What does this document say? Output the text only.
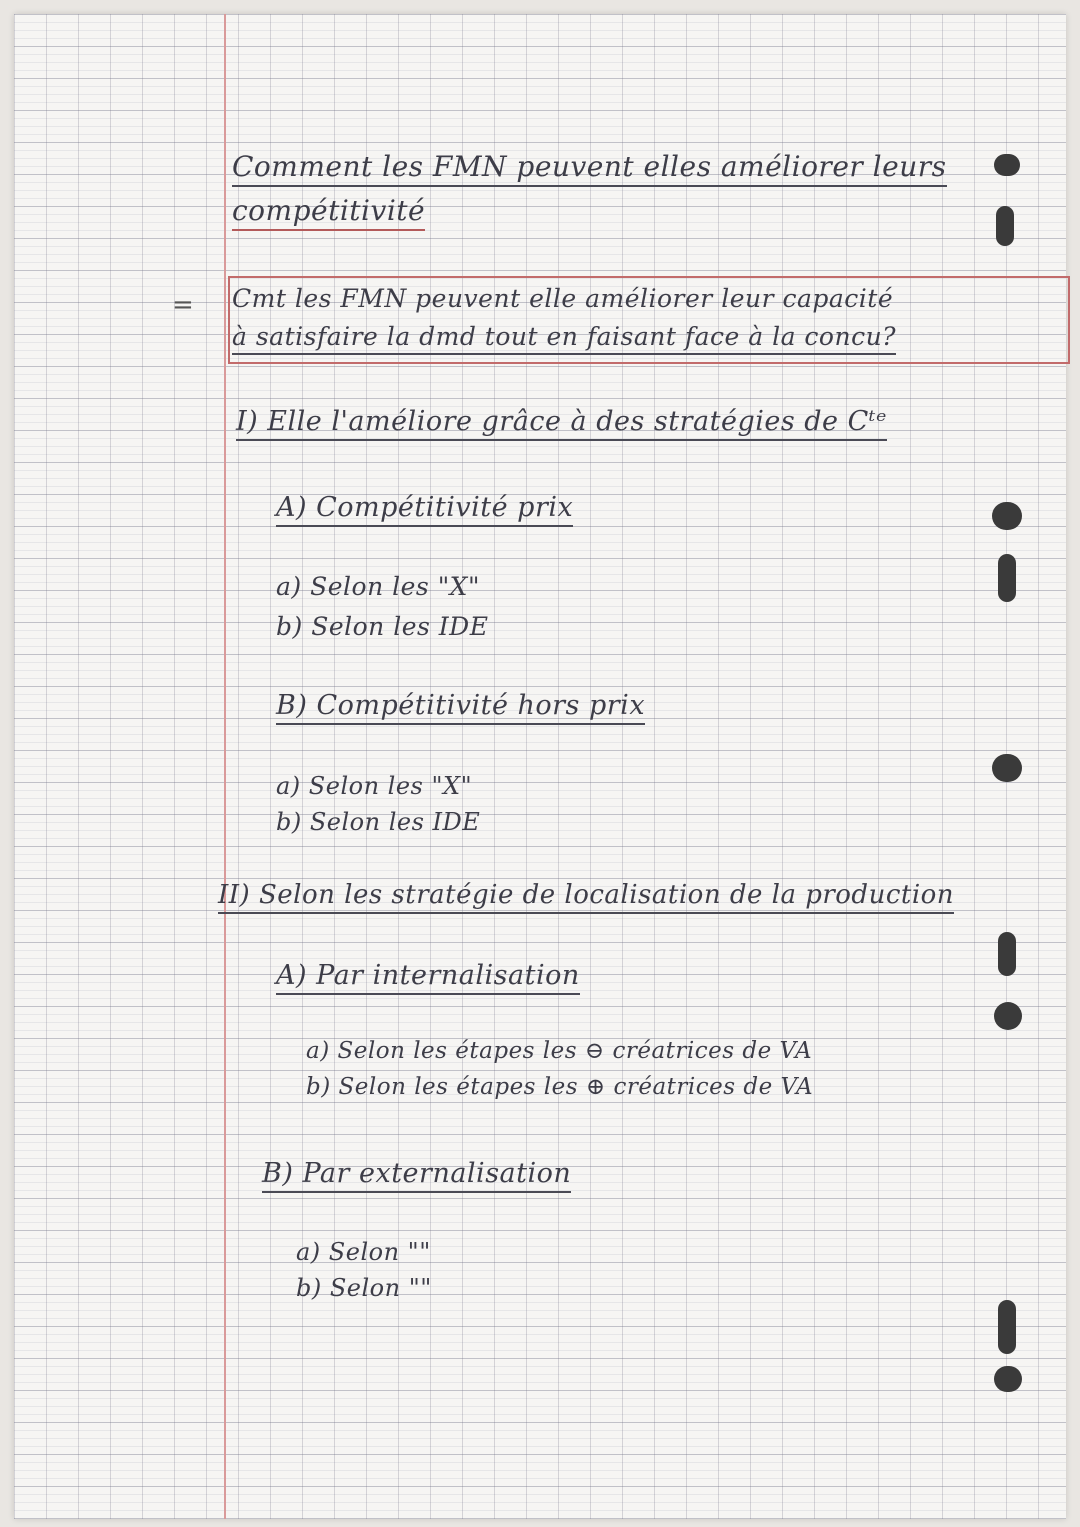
Comment les FMN peuvent elles améliorer leurs
compétitivité
= Cmt les FMN peuvent elle améliorer leur capacité
à satisfaire la dmd tout en faisant face à la concu?
I) Elle l'améliore grâce à des stratégies de Cᵗᵉ
A) Compétitivité prix
a) Selon les "X"
b) Selon les IDE
B) Compétitivité hors prix
a) Selon les "X"
b) Selon les IDE
II) Selon les stratégie de localisation de la production
A) Par internalisation
a) Selon les étapes les ⊖ créatrices de VA
b) Selon les étapes les ⊕ créatrices de VA
B) Par externalisation
a) Selon ""
b) Selon ""
